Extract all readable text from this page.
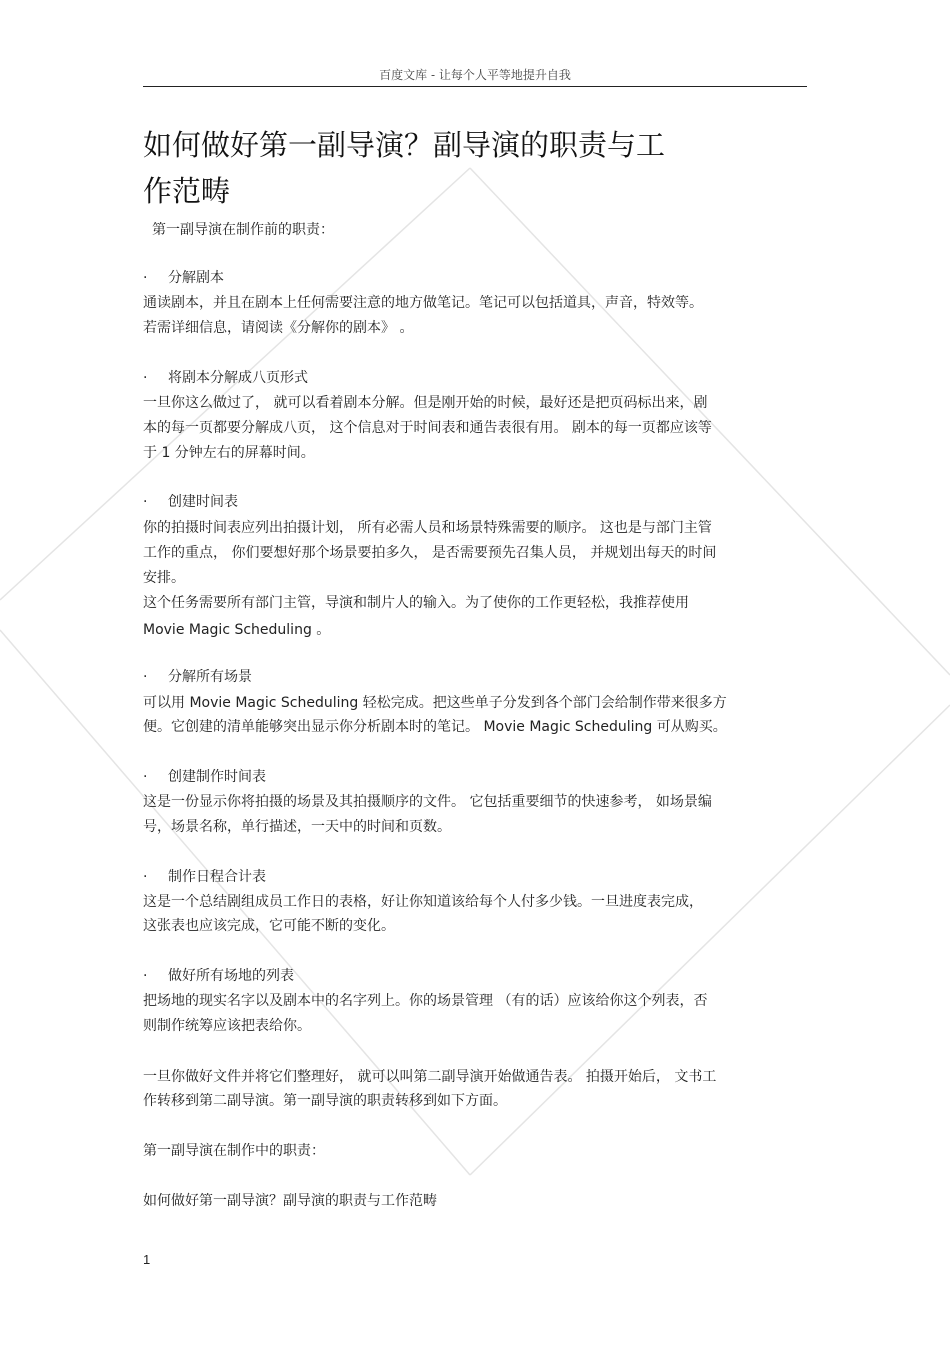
百度文库 - 让每个人平等地提升自我
如何做好第一副导演？副导演的职责与工
作范畴
第一副导演在制作前的职责：
· 分解剧本
通读剧本，并且在剧本上任何需要注意的地方做笔记。笔记可以包括道具，声音，特效等。
若需详细信息，请阅读《分解你的剧本》 。
· 将剧本分解成八页形式
一旦你这么做过了， 就可以看着剧本分解。但是刚开始的时候，最好还是把页码标出来，剧
本的每一页都要分解成八页， 这个信息对于时间表和通告表很有用。 剧本的每一页都应该等
于 1 分钟左右的屏幕时间。
· 创建时间表
你的拍摄时间表应列出拍摄计划， 所有必需人员和场景特殊需要的顺序。 这也是与部门主管
工作的重点， 你们要想好那个场景要拍多久， 是否需要预先召集人员， 并规划出每天的时间
安排。
这个任务需要所有部门主管，导演和制片人的输入。为了使你的工作更轻松，我推荐使用
Movie Magic Scheduling 。
· 分解所有场景
可以用 Movie Magic Scheduling 轻松完成。把这些单子分发到各个部门会给制作带来很多方
便。它创建的清单能够突出显示你分析剧本时的笔记。 Movie Magic Scheduling 可从购买。
· 创建制作时间表
这是一份显示你将拍摄的场景及其拍摄顺序的文件。 它包括重要细节的快速参考， 如场景编
号，场景名称，单行描述，一天中的时间和页数。
· 制作日程合计表
这是一个总结剧组成员工作日的表格，好让你知道该给每个人付多少钱。一旦进度表完成，
这张表也应该完成，它可能不断的变化。
· 做好所有场地的列表
把场地的现实名字以及剧本中的名字列上。你的场景管理 （有的话）应该给你这个列表，否
则制作统筹应该把表给你。
一旦你做好文件并将它们整理好， 就可以叫第二副导演开始做通告表。 拍摄开始后， 文书工
作转移到第二副导演。第一副导演的职责转移到如下方面。
第一副导演在制作中的职责：
如何做好第一副导演？副导演的职责与工作范畴
1
